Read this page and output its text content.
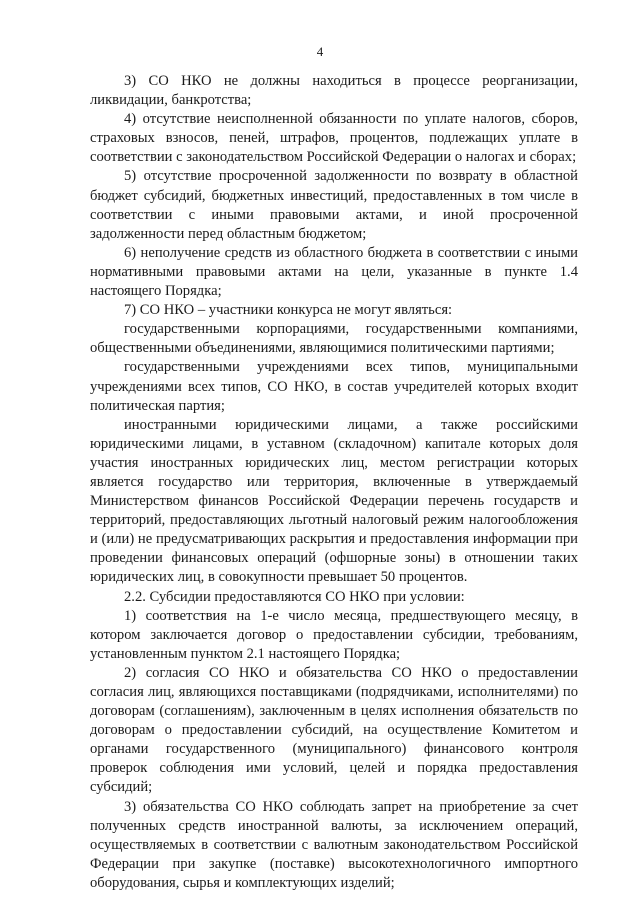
4

3) СО НКО не должны находиться в процессе реорганизации, ликвидации, банкротства;

4) отсутствие неисполненной обязанности по уплате налогов, сборов, страховых взносов, пеней, штрафов, процентов, подлежащих уплате в соответствии с законодательством Российской Федерации о налогах и сборах;

5) отсутствие просроченной задолженности по возврату в областной бюджет субсидий, бюджетных инвестиций, предоставленных в том числе в соответствии с иными правовыми актами, и иной просроченной задолженности перед областным бюджетом;

6) неполучение средств из областного бюджета в соответствии с иными нормативными правовыми актами на цели, указанные в пункте 1.4 настоящего Порядка;

7) СО НКО – участники конкурса не могут являться:

государственными корпорациями, государственными компаниями, общественными объединениями, являющимися политическими партиями;

государственными учреждениями всех типов, муниципальными учреждениями всех типов, СО НКО, в состав учредителей которых входит политическая партия;

иностранными юридическими лицами, а также российскими юридическими лицами, в уставном (складочном) капитале которых доля участия иностранных юридических лиц, местом регистрации которых является государство или территория, включенные в утверждаемый Министерством финансов Российской Федерации перечень государств и территорий, предоставляющих льготный налоговый режим налогообложения и (или) не предусматривающих раскрытия и предоставления информации при проведении финансовых операций (офшорные зоны) в отношении таких юридических лиц, в совокупности превышает 50 процентов.

2.2. Субсидии предоставляются СО НКО при условии:

1) соответствия на 1-е число месяца, предшествующего месяцу, в котором заключается договор о предоставлении субсидии, требованиям, установленным пунктом 2.1 настоящего Порядка;

2) согласия СО НКО и обязательства СО НКО о предоставлении согласия лиц, являющихся поставщиками (подрядчиками, исполнителями) по договорам (соглашениям), заключенным в целях исполнения обязательств по договорам о предоставлении субсидий, на осуществление Комитетом и органами государственного (муниципального) финансового контроля проверок соблюдения ими условий, целей и порядка предоставления субсидий;

3) обязательства СО НКО соблюдать запрет на приобретение за счет полученных средств иностранной валюты, за исключением операций, осуществляемых в соответствии с валютным законодательством Российской Федерации при закупке (поставке) высокотехнологичного импортного оборудования, сырья и комплектующих изделий;
